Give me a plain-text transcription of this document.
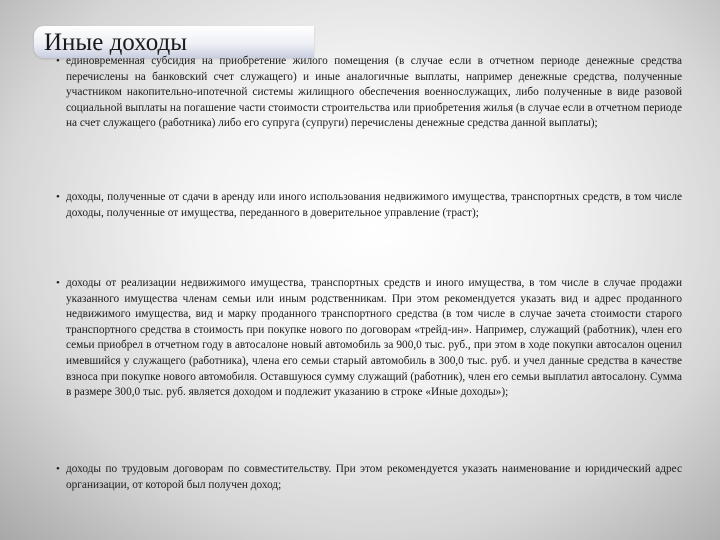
Иные доходы
• единовременная субсидия на приобретение жилого помещения (в случае если в отчетном периоде денежные средства перечислены на банковский счет служащего) и иные аналогичные выплаты, например денежные средства, полученные участником накопительно-ипотечной системы жилищного обеспечения военнослужащих, либо полученные в виде разовой социальной выплаты на погашение части стоимости строительства или приобретения жилья (в случае если в отчетном периоде на счет служащего (работника) либо его супруга (супруги) перечислены денежные средства данной выплаты);
• доходы, полученные от сдачи в аренду или иного использования недвижимого имущества, транспортных средств, в том числе доходы, полученные от имущества, переданного в доверительное управление (траст);
• доходы от реализации недвижимого имущества, транспортных средств и иного имущества, в том числе в случае продажи указанного имущества членам семьи или иным родственникам. При этом рекомендуется указать вид и адрес проданного недвижимого имущества, вид и марку проданного транспортного средства (в том числе в случае зачета стоимости старого транспортного средства в стоимость при покупке нового по договорам «трейд-ин». Например, служащий (работник), член его семьи приобрел в отчетном году в автосалоне новый автомобиль за 900,0 тыс. руб., при этом в ходе покупки автосалон оценил имевшийся у служащего (работника), члена его семьи старый автомобиль в 300,0 тыс. руб. и учел данные средства в качестве взноса при покупке нового автомобиля. Оставшуюся сумму служащий (работник), член его семьи выплатил автосалону. Сумма в размере 300,0 тыс. руб. является доходом и подлежит указанию в строке «Иные доходы»);
• доходы по трудовым договорам по совместительству. При этом рекомендуется указать наименование и юридический адрес организации, от которой был получен доход;
